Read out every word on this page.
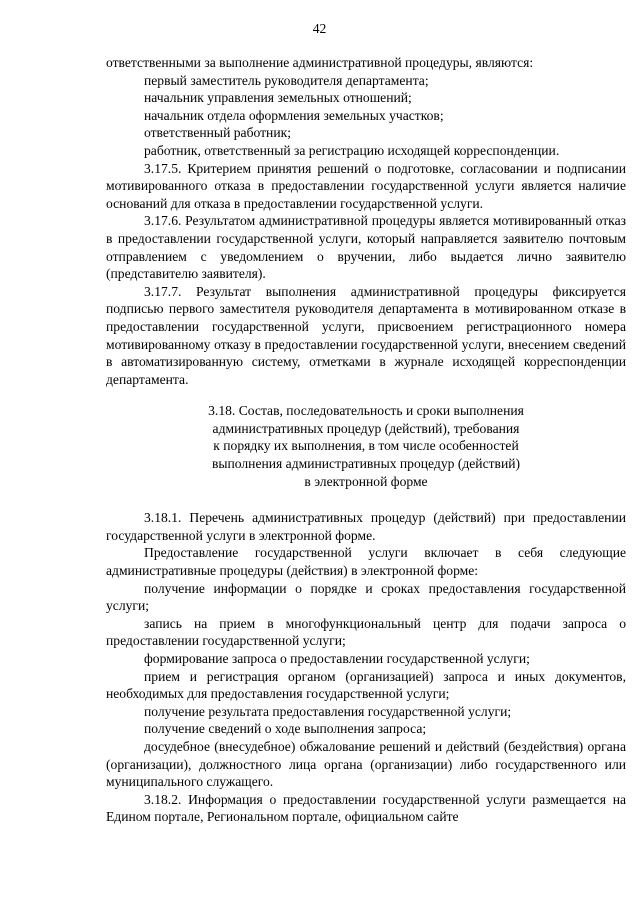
42

ответственными за выполнение административной процедуры, являются:

первый заместитель руководителя департамента;

начальник управления земельных отношений;

начальник отдела оформления земельных участков;

ответственный работник;

работник, ответственный за регистрацию исходящей корреспонденции.

3.17.5. Критерием принятия решений о подготовке, согласовании и подписании мотивированного отказа в предоставлении государственной услуги является наличие оснований для отказа в предоставлении государственной услуги.

3.17.6. Результатом административной процедуры является мотивированный отказ в предоставлении государственной услуги, который направляется заявителю почтовым отправлением с уведомлением о вручении, либо выдается лично заявителю (представителю заявителя).

3.17.7. Результат выполнения административной процедуры фиксируется подписью первого заместителя руководителя департамента в мотивированном отказе в предоставлении государственной услуги, присвоением регистрационного номера мотивированному отказу в предоставлении государственной услуги, внесением сведений в автоматизированную систему, отметками в журнале исходящей корреспонденции департамента.

3.18. Состав, последовательность и сроки выполнения
административных процедур (действий), требования
к порядку их выполнения, в том числе особенностей
выполнения административных процедур (действий)
в электронной форме

3.18.1. Перечень административных процедур (действий) при предоставлении государственной услуги в электронной форме.

Предоставление государственной услуги включает в себя следующие административные процедуры (действия) в электронной форме:

получение информации о порядке и сроках предоставления государственной услуги;

запись на прием в многофункциональный центр для подачи запроса о предоставлении государственной услуги;

формирование запроса о предоставлении государственной услуги;

прием и регистрация органом (организацией) запроса и иных документов, необходимых для предоставления государственной услуги;

получение результата предоставления государственной услуги;

получение сведений о ходе выполнения запроса;

досудебное (внесудебное) обжалование решений и действий (бездействия) органа (организации), должностного лица органа (организации) либо государственного или муниципального служащего.

3.18.2. Информация о предоставлении государственной услуги размещается на Едином портале, Региональном портале, официальном сайте
